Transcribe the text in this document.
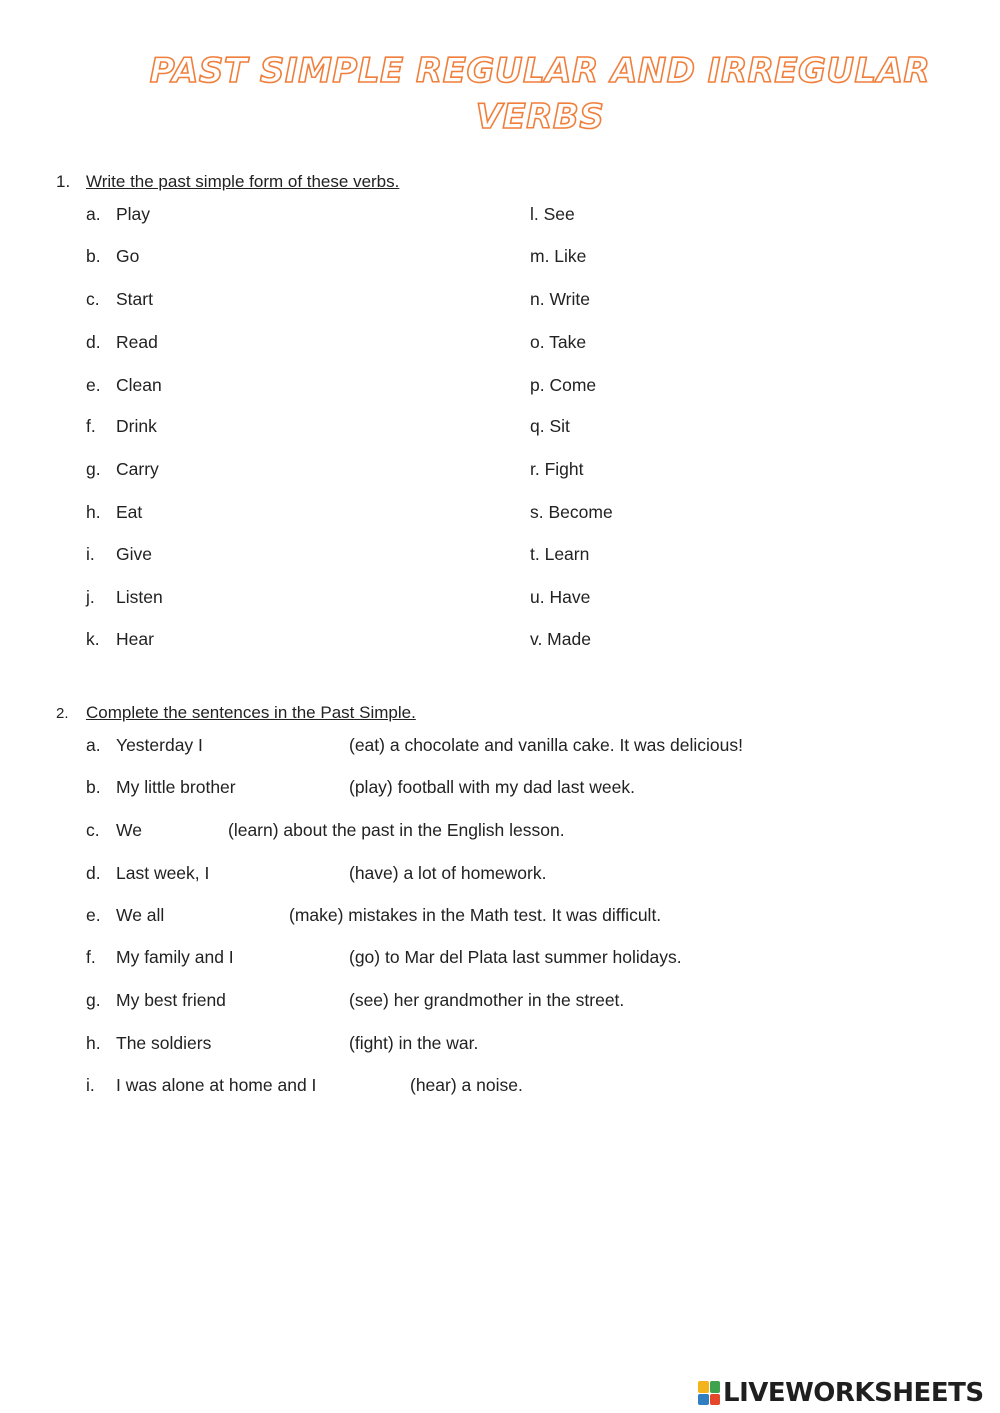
PAST SIMPLE REGULAR AND IRREGULAR
VERBS
1. Write the past simple form of these verbs.
a. Play
b. Go
c. Start
d. Read
e. Clean
f. Drink
g. Carry
h. Eat
i. Give
j. Listen
k. Hear
l. See
m. Like
n. Write
o. Take
p. Come
q. Sit
r. Fight
s. Become
t. Learn
u. Have
v. Made
2. Complete the sentences in the Past Simple.
a. Yesterday I	(eat) a chocolate and vanilla cake. It was delicious!
b. My little brother	(play) football with my dad last week.
c. We	(learn) about the past in the English lesson.
d. Last week, I	(have) a lot of homework.
e. We all	(make) mistakes in the Math test. It was difficult.
f. My family and I	(go) to Mar del Plata last summer holidays.
g. My best friend	(see) her grandmother in the street.
h. The soldiers	(fight) in the war.
i. I was alone at home and I	(hear) a noise.
LIVEWORKSHEETS
